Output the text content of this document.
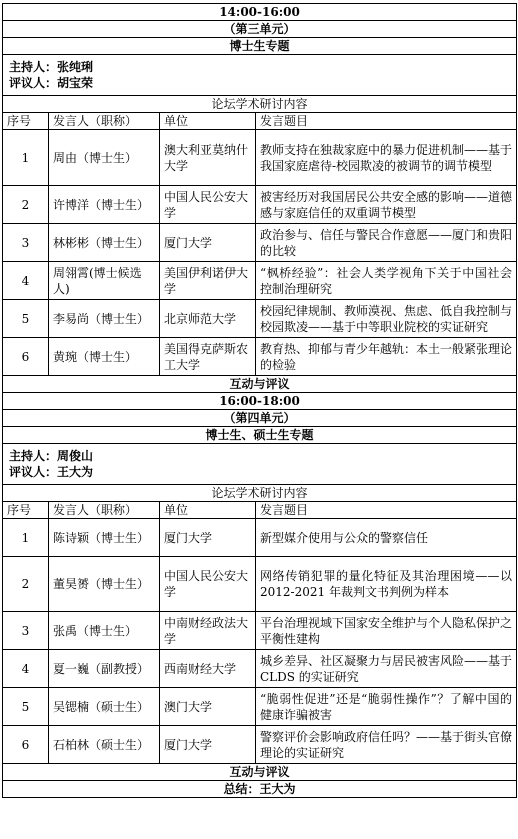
14:00-16:00			
（第三单元）			
博士生专题			

主持人：张纯琍
评议人：胡宝荣			

论坛学术研讨内容			
序号	发言人（职称）	单位	发言题目
1	周由（博士生）	澳大利亚莫纳什大学	教师支持在独裁家庭中的暴力促进机制——基于我国家庭虐待-校园欺凌的被调节的调节模型
2	许博洋（博士生）	中国人民公安大学	被害经历对我国居民公共安全感的影响——道德感与家庭信任的双重调节模型
3	林彬彬（博士生）	厦门大学	政治参与、信任与警民合作意愿——厦门和贵阳的比较
4	周翎霄(博士候选人)	美国伊利诺伊大学	“枫桥经验”：社会人类学视角下关于中国社会控制治理研究
5	李易尚（博士生）	北京师范大学	校园纪律规制、教师漠视、焦虑、低自我控制与校园欺凌——基于中等职业院校的实证研究
6	黄琬（博士生）	美国得克萨斯农工大学	教育热、抑郁与青少年越轨：本土一般紧张理论的检验
互动与评议			
16:00-18:00			
（第四单元）			
博士生、硕士生专题			

主持人：周俊山
评议人：王大为			

论坛学术研讨内容			
序号	发言人（职称）	单位	发言题目
1	陈诗颖（博士生）	厦门大学	新型媒介使用与公众的警察信任
2	董昊赟（博士生）	中国人民公安大学	网络传销犯罪的量化特征及其治理困境——以 2012-2021 年裁判文书判例为样本
3	张禹（博士生）	中南财经政法大学	平台治理视域下国家安全维护与个人隐私保护之平衡性建构
4	夏一巍（副教授）	西南财经大学	城乡差异、社区凝聚力与居民被害风险——基于 CLDS 的实证研究
5	吴锶楠（硕士生）	澳门大学	“脆弱性促进”还是“脆弱性操作”？了解中国的健康诈骗被害
6	石柏林（硕士生）	厦门大学	警察评价会影响政府信任吗？——基于街头官僚理论的实证研究
互动与评议			
总结：王大为			
